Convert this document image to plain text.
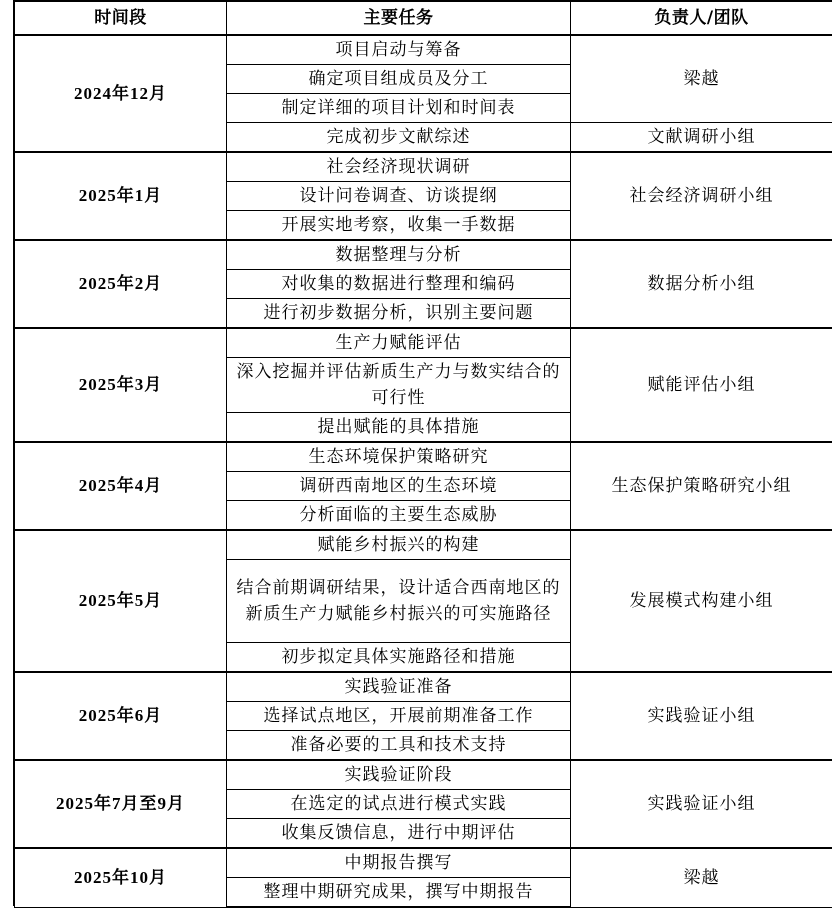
时间段	主要任务	负责人/团队
2024年12月	项目启动与筹备	梁越
	确定项目组成员及分工	
	制定详细的项目计划和时间表	
	完成初步文献综述	文献调研小组
2025年1月	社会经济现状调研	社会经济调研小组
	设计问卷调查、访谈提纲	
	开展实地考察，收集一手数据	
2025年2月	数据整理与分析	数据分析小组
	对收集的数据进行整理和编码	
	进行初步数据分析，识别主要问题	
2025年3月	生产力赋能评估	赋能评估小组
	深入挖掘并评估新质生产力与数实结合的可行性	
	提出赋能的具体措施	
2025年4月	生态环境保护策略研究	生态保护策略研究小组
	调研西南地区的生态环境	
	分析面临的主要生态威胁	
2025年5月	赋能乡村振兴的构建	发展模式构建小组
	结合前期调研结果，设计适合西南地区的新质生产力赋能乡村振兴的可实施路径	
	初步拟定具体实施路径和措施	
2025年6月	实践验证准备	实践验证小组
	选择试点地区，开展前期准备工作	
	准备必要的工具和技术支持	
2025年7月至9月	实践验证阶段	实践验证小组
	在选定的试点进行模式实践	
	收集反馈信息，进行中期评估	
2025年10月	中期报告撰写	梁越
	整理中期研究成果，撰写中期报告	
